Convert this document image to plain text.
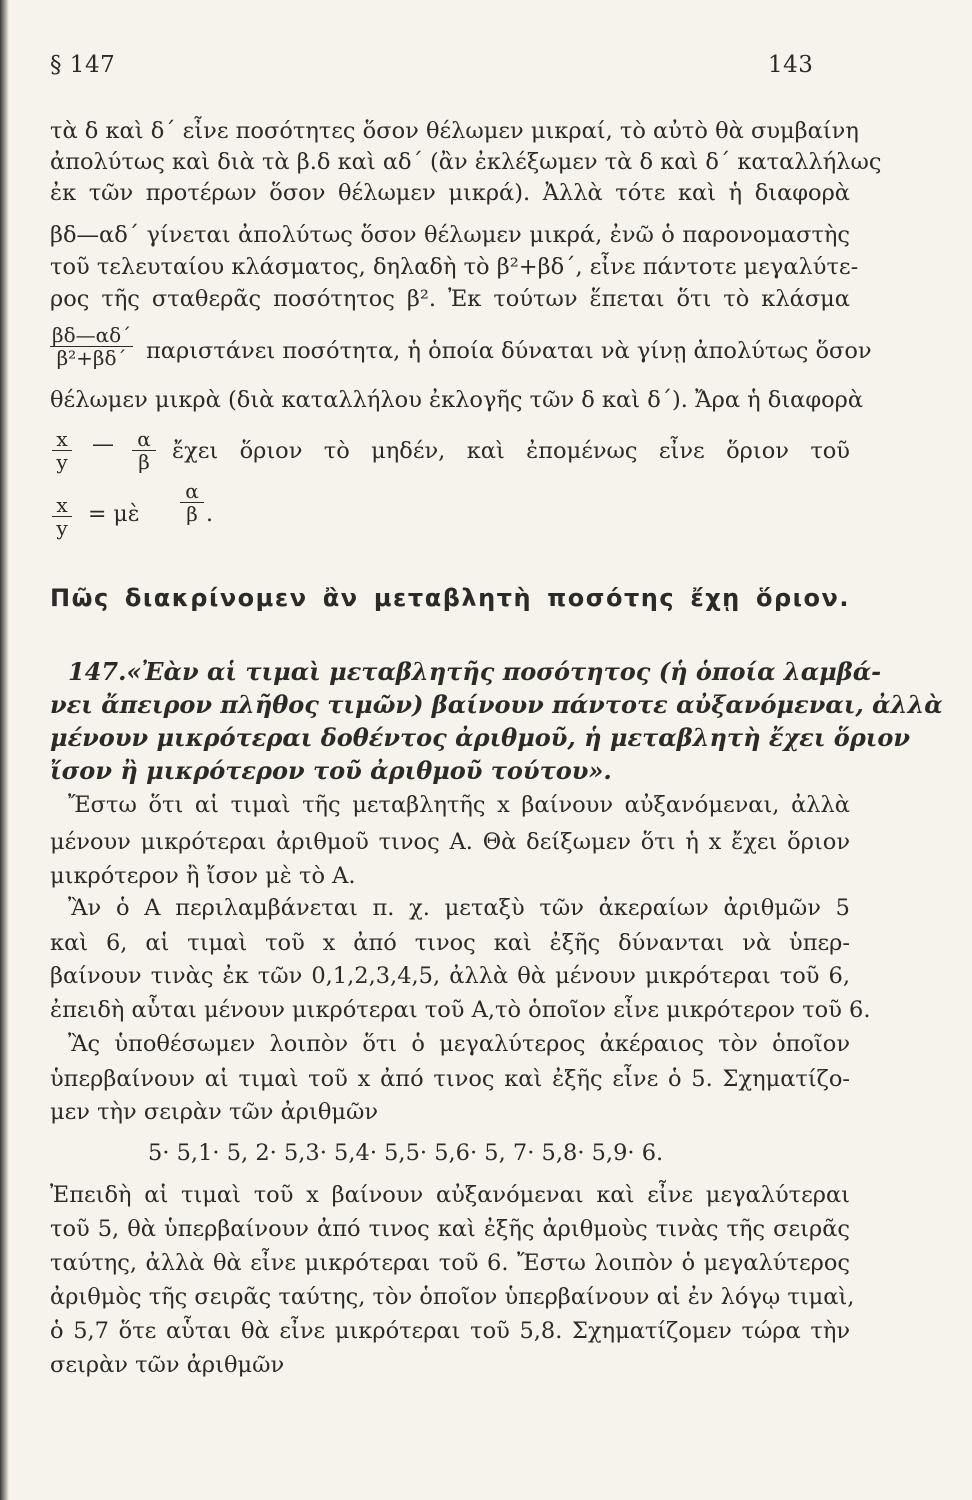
§ 147	143
τὰ δ καὶ δ΄ εἶνε ποσότητες ὅσον θέλωμεν μικραί, τὸ αὐτὸ θὰ συμβαίνη
ἀπολύτως καὶ διὰ τὰ β.δ καὶ αδ΄ (ἂν ἐκλέξωμεν τὰ δ καὶ δ΄ καταλλήλως
ἐκ τῶν προτέρων ὅσον θέλωμεν μικρά). Ἀλλὰ τότε καὶ ἡ διαφορὰ
βδ—αδ΄ γίνεται ἀπολύτως ὅσον θέλωμεν μικρά, ἐνῶ ὁ παρονομαστὴς
τοῦ τελευταίου κλάσματος, δηλαδὴ τὸ β²+βδ΄, εἶνε πάντοτε μεγαλύτε-
ρος τῆς σταθερᾶς ποσότητος β². Ἐκ τούτων ἕπεται ὅτι τὸ κλάσμα
$\frac{\beta\delta—\alpha\delta΄}{\text{β²+βδ΄}}$ παριστάνει ποσότητα, ἡ ὁποία δύναται νὰ γίνῃ ἀπολύτως ὅσον
θέλωμεν μικρὰ (διὰ καταλλήλου ἐκλογῆς τῶν δ καὶ δ΄). Ἄρα ἡ διαφορὰ
$\frac{x}{y}$ — $\frac{\alpha}{\beta}$ ἔχει ὅριον τὸ μηδέν, καὶ ἐπομένως εἶνε ὅριον τοῦ
$\frac{x}{y}$ = μὲ $\frac{\alpha}{\beta}$ .
Πῶς διακρίνομεν ἂν μεταβλητὴ ποσότης ἔχῃ ὅριον.
147.«Ἐὰν αἱ τιμαὶ μεταβλητῆς ποσότητος (ἡ ὁποία λαμβά-
νει ἄπειρον πλῆθος τιμῶν) βαίνουν πάντοτε αὐξανόμεναι, ἀλλὰ
μένουν μικρότεραι δοθέντος ἀριθμοῦ, ἡ μεταβλητὴ ἔχει ὅριον
ἴσον ἢ μικρότερον τοῦ ἀριθμοῦ τούτου».
Ἔστω ὅτι αἱ τιμαὶ τῆς μεταβλητῆς x βαίνουν αὐξανόμεναι, ἀλλὰ
μένουν μικρότεραι ἀριθμοῦ τινος Α. Θὰ δείξωμεν ὅτι ἡ x ἔχει ὅριον
μικρότερον ἢ ἴσον μὲ τὸ Α.
Ἂν ὁ Α περιλαμβάνεται π. χ. μεταξὺ τῶν ἀκεραίων ἀριθμῶν 5
καὶ 6, αἱ τιμαὶ τοῦ x ἀπό τινος καὶ ἐξῆς δύνανται νὰ ὑπερ-
βαίνουν τινὰς ἐκ τῶν 0,1,2,3,4,5, ἀλλὰ θὰ μένουν μικρότεραι τοῦ 6,
ἐπειδὴ αὗται μένουν μικρότεραι τοῦ Α,τὸ ὁποῖον εἶνε μικρότερον τοῦ 6.
Ἂς ὑποθέσωμεν λοιπὸν ὅτι ὁ μεγαλύτερος ἀκέραιος τὸν ὁποῖον
ὑπερβαίνουν αἱ τιμαὶ τοῦ x ἀπό τινος καὶ ἐξῆς εἶνε ὁ 5. Σχηματίζο-
μεν τὴν σειρὰν τῶν ἀριθμῶν
5· 5,1· 5, 2· 5,3· 5,4· 5,5· 5,6· 5, 7· 5,8· 5,9· 6.
Ἐπειδὴ αἱ τιμαὶ τοῦ x βαίνουν αὐξανόμεναι καὶ εἶνε μεγαλύτεραι
τοῦ 5, θὰ ὑπερβαίνουν ἀπό τινος καὶ ἐξῆς ἀριθμοὺς τινὰς τῆς σειρᾶς
ταύτης, ἀλλὰ θὰ εἶνε μικρότεραι τοῦ 6. Ἔστω λοιπὸν ὁ μεγαλύτερος
ἀριθμὸς τῆς σειρᾶς ταύτης, τὸν ὁποῖον ὑπερβαίνουν αἱ ἐν λόγῳ τιμαὶ,
ὁ 5,7 ὅτε αὗται θὰ εἶνε μικρότεραι τοῦ 5,8. Σχηματίζομεν τώρα τὴν
σειρὰν τῶν ἀριθμῶν
